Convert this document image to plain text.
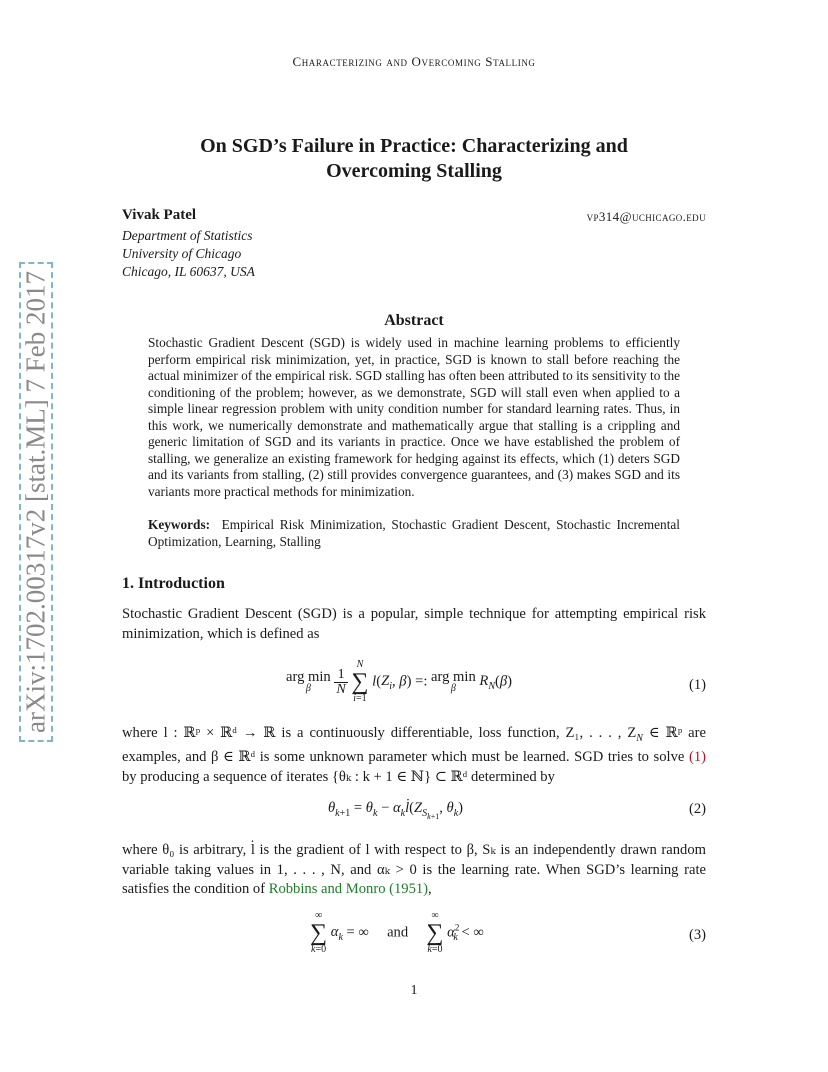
Characterizing and Overcoming Stalling
arXiv:1702.00317v2 [stat.ML] 7 Feb 2017
On SGD’s Failure in Practice: Characterizing and
Overcoming Stalling
Vivak Patel	vp314@uchicago.edu
Department of Statistics
University of Chicago
Chicago, IL 60637, USA
Abstract
Stochastic Gradient Descent (SGD) is widely used in machine learning problems to efficiently perform empirical risk minimization, yet, in practice, SGD is known to stall before reaching the actual minimizer of the empirical risk. SGD stalling has often been attributed to its sensitivity to the conditioning of the problem; however, as we demonstrate, SGD will stall even when applied to a simple linear regression problem with unity condition number for standard learning rates. Thus, in this work, we numerically demonstrate and mathematically argue that stalling is a crippling and generic limitation of SGD and its variants in practice. Once we have established the problem of stalling, we generalize an existing framework for hedging against its effects, which (1) deters SGD and its variants from stalling, (2) still provides convergence guarantees, and (3) makes SGD and its variants more practical methods for minimization.
Keywords: Empirical Risk Minimization, Stochastic Gradient Descent, Stochastic Incremental Optimization, Learning, Stalling
1. Introduction
Stochastic Gradient Descent (SGD) is a popular, simple technique for attempting empirical risk minimization, which is defined as
arg min
β
	$\frac{1}{N}$

N
∑
i=1
$l(Z_i$, β) =: arg min
β	$R_N(\beta)$	(1)
where l : ℝᵖ × ℝᵈ → ℝ is a continuously differentiable, loss function, Z₁, . . . , $Z_N$ ∈ ℝᵖ are examples, and β ∈ ℝᵈ is some unknown parameter which must be learned. SGD tries to solve (1) by producing a sequence of iterates {θₖ : k + 1 ∈ ℕ} ⊂ ℝᵈ determined by
$\theta_{k+1} = \theta_k$ − $\alpha_kl̇(Z_{S_{k+1}}$, $\theta_k$)	(2)
where θ₀ is arbitrary, l̇ is the gradient of l with respect to β, Sₖ is an independently drawn random variable taking values in 1, . . . , N, and αₖ > 0 is the learning rate. When SGD’s learning rate satisfies the condition of Robbins and Monro (1951),
∞
∑
k=0
$\alpha_k$ = ∞     and
∞
∑
k=0
$\alpha^2_k$ < ∞	(3)
1
